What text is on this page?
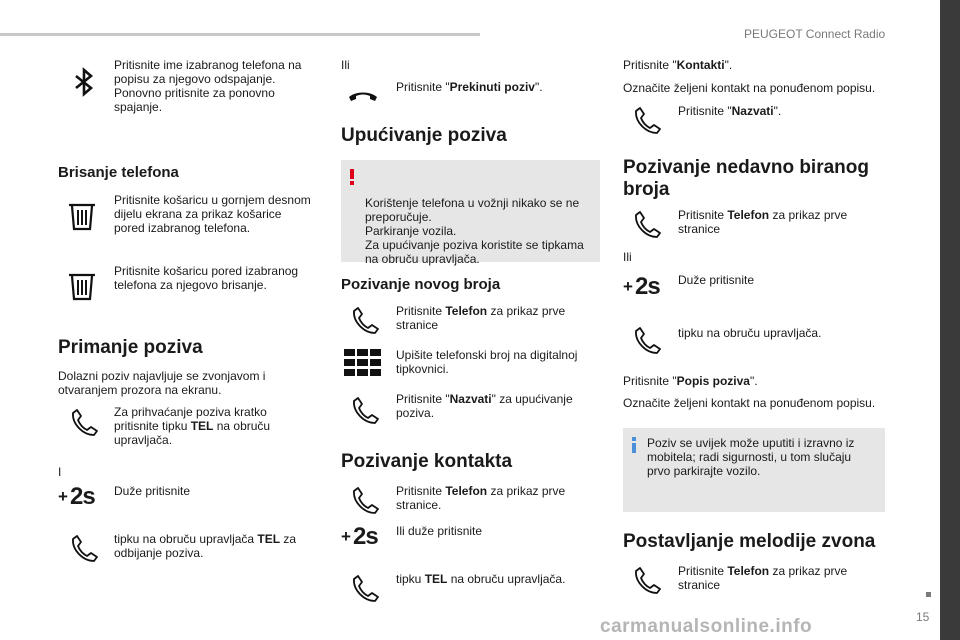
PEUGEOT Connect Radio
15
carmanualsonline.info
Pritisnite ime izabranog telefona na popisu za njegovo odspajanje. Ponovno pritisnite za ponovno spajanje.
Brisanje telefona
Pritisnite košaricu u gornjem desnom dijelu ekrana za prikaz košarice pored izabranog telefona.
Pritisnite košaricu pored izabranog telefona za njegovo brisanje.
Primanje poziva
Dolazni poziv najavljuje se zvonjavom i otvaranjem prozora na ekranu.
Za prihvaćanje poziva kratko pritisnite tipku TEL na obruču upravljača.
I
+ 2s Duže pritisnite
tipku na obruču upravljača TEL za odbijanje poziva.
Ili
Pritisnite "Prekinuti poziv".
Upućivanje poziva

Korištenje telefona u vožnji nikako se ne preporučuje.
Parkiranje vozila.
Za upućivanje poziva koristite se tipkama na obruču upravljača.

Pozivanje novog broja
Pritisnite Telefon za prikaz prve stranice
Upišite telefonski broj na digitalnoj tipkovnici.
Pritisnite "Nazvati" za upućivanje poziva.
Pozivanje kontakta
Pritisnite Telefon za prikaz prve stranice.
+ 2s Ili duže pritisnite
tipku TEL na obruču upravljača.
Pritisnite "Kontakti".
Označite željeni kontakt na ponuđenom popisu.
Pritisnite "Nazvati".
Pozivanje nedavno biranog broja
Pritisnite Telefon za prikaz prve stranice
Ili
+ 2s Duže pritisnite
tipku na obruču upravljača.
Pritisnite "Popis poziva".
Označite željeni kontakt na ponuđenom popisu.
Poziv se uvijek može uputiti i izravno iz mobitela; radi sigurnosti, u tom slučaju prvo parkirajte vozilo.
Postavljanje melodije zvona
Pritisnite Telefon za prikaz prve stranice
